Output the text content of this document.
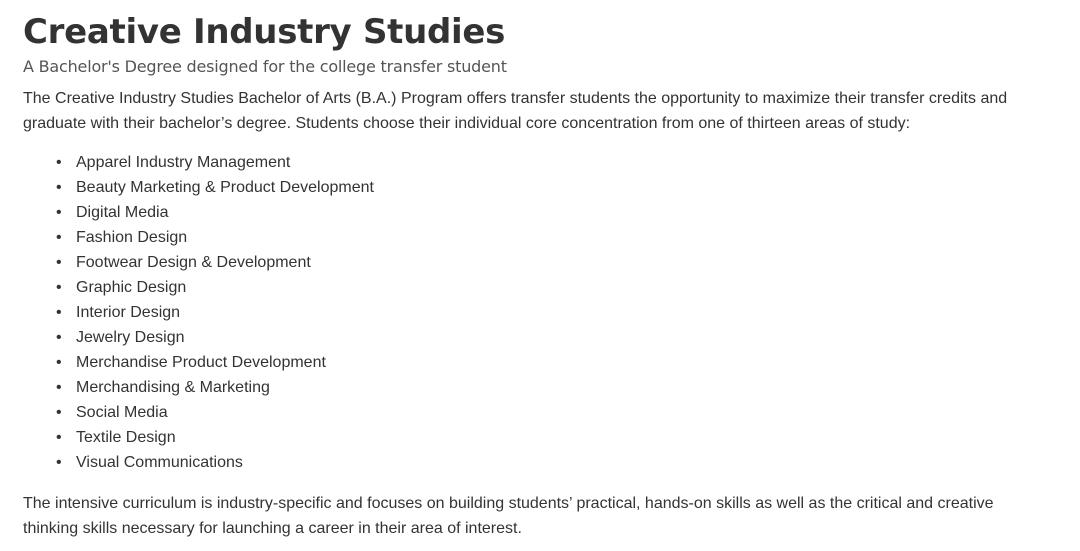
Creative Industry Studies
A Bachelor's Degree designed for the college transfer student

The Creative Industry Studies Bachelor of Arts (B.A.) Program offers transfer students the opportunity to maximize their transfer credits and
graduate with their bachelor’s degree. Students choose their individual core concentration from one of thirteen areas of study:

• Apparel Industry Management
• Beauty Marketing & Product Development
• Digital Media
• Fashion Design
• Footwear Design & Development
• Graphic Design
• Interior Design
• Jewelry Design
• Merchandise Product Development
• Merchandising & Marketing
• Social Media
• Textile Design
• Visual Communications

The intensive curriculum is industry-specific and focuses on building students’ practical, hands-on skills as well as the critical and creative
thinking skills necessary for launching a career in their area of interest.
